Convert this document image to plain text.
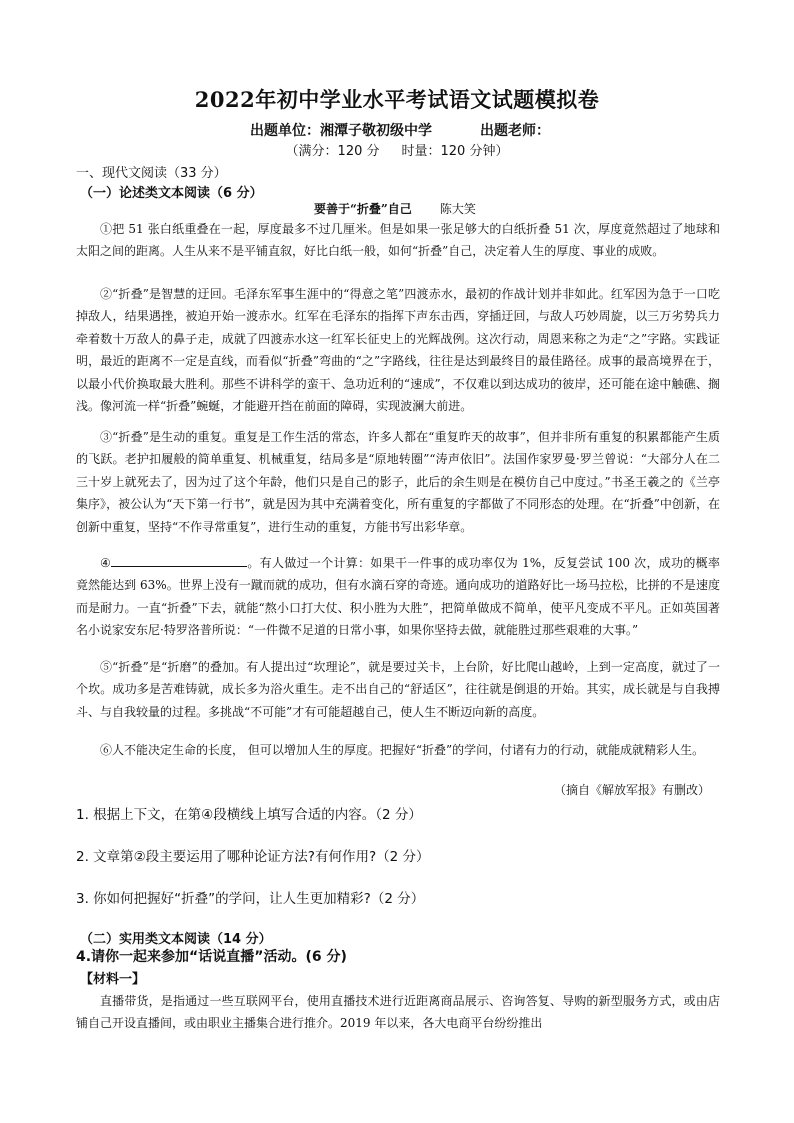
2022年初中学业水平考试语文试题模拟卷
出题单位：湘潭子敬初级中学	出题老师：
（满分：120 分 时量：120 分钟）
一、现代文阅读（33 分）
（一）论述类文本阅读（6 分）
要善于“折叠”自己 陈大笑

①把 51 张白纸重叠在一起，厚度最多不过几厘米。但是如果一张足够大的白纸折叠 51 次，厚度竟然超过了地球和太阳之间的距离。人生从来不是平铺直叙，好比白纸一般，如何“折叠”自己，决定着人生的厚度、事业的成败。

②“折叠”是智慧的迂回。毛泽东军事生涯中的“得意之笔”四渡赤水，最初的作战计划并非如此。红军因为急于一口吃掉敌人，结果遇挫，被迫开始一渡赤水。红军在毛泽东的指挥下声东击西，穿插迂回，与敌人巧妙周旋，以三万劣势兵力牵着数十万敌人的鼻子走，成就了四渡赤水这一红军长征史上的光辉战例。这次行动，周恩来称之为走“之”字路。实践证明，最近的距离不一定是直线，而看似“折叠”弯曲的“之”字路线，往往是达到最终目的最佳路径。成事的最高境界在于，以最小代价换取最大胜利。那些不讲科学的蛮干、急功近利的“速成”，不仅难以到达成功的彼岸，还可能在途中触礁、搁浅。像河流一样“折叠”蜿蜒，才能避开挡在前面的障碍，实现波澜大前进。

③“折叠”是生动的重复。重复是工作生活的常态，许多人都在“重复昨天的故事”，但并非所有重复的积累都能产生质的飞跃。老护扣履般的简单重复、机械重复，结局多是“原地转圈”“涛声依旧”。法国作家罗曼·罗兰曾说：“大部分人在二三十岁上就死去了，因为过了这个年龄，他们只是自己的影子，此后的余生则是在模仿自己中度过。”书圣王羲之的《兰亭集序》，被公认为“天下第一行书”，就是因为其中充满着变化，所有重复的字都做了不同形态的处理。在“折叠”中创新，在创新中重复，坚持“不作寻常重复”，进行生动的重复，方能书写出彩华章。

④	。有人做过一个计算：如果干一件事的成功率仅为 1%，反复尝试 100 次，成功的概率竟然能达到 63%。世界上没有一蹴而就的成功，但有水滴石穿的奇迹。通向成功的道路好比一场马拉松，比拼的不是速度而是耐力。一直“折叠”下去，就能“熬小口打大仗、积小胜为大胜”，把简单做成不简单，使平凡变成不平凡。正如英国著名小说家安东尼·特罗洛普所说：“一件微不足道的日常小事，如果你坚持去做，就能胜过那些艰难的大事。”

⑤“折叠”是“折磨”的叠加。有人提出过“坎理论”，就是要过关卡，上台阶，好比爬山越岭，上到一定高度，就过了一个坎。成功多是苦难铸就，成长多为浴火重生。走不出自己的“舒适区”，往往就是倒退的开始。其实，成长就是与自我搏斗、与自我较量的过程。多挑战“不可能”才有可能超越自己，使人生不断迈向新的高度。

⑥人不能决定生命的长度， 但可以增加人生的厚度。把握好“折叠”的学问，付诸有力的行动，就能成就精彩人生。

（摘自《解放军报》有删改）
1. 根据上下文，在第④段横线上填写合适的内容。（2 分）
2. 文章第②段主要运用了哪种论证方法?有何作用?（2 分）
3. 你如何把握好“折叠”的学问，让人生更加精彩?（2 分）
（二）实用类文本阅读（14 分）
4.请你一起来参加“话说直播”活动。(6 分)
【材料一】

直播带货，是指通过一些互联网平台，使用直播技术进行近距离商品展示、咨询答复、导购的新型服务方式，或由店铺自己开设直播间，或由职业主播集合进行推介。2019 年以来，各大电商平台纷纷推出
